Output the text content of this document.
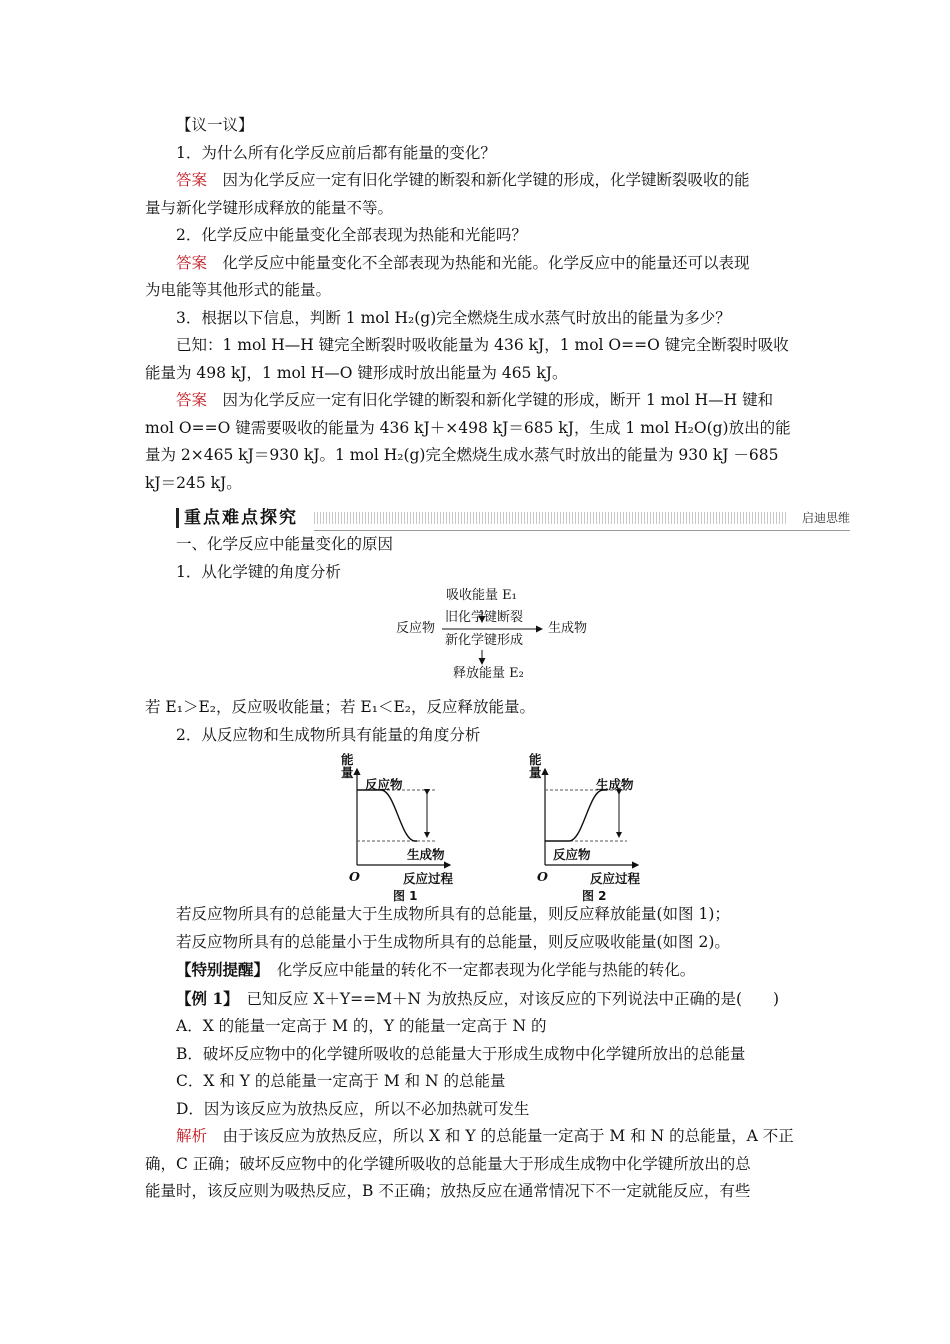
【议一议】
1．为什么所有化学反应前后都有能量的变化？
答案　因为化学反应一定有旧化学键的断裂和新化学键的形成，化学键断裂吸收的能
量与新化学键形成释放的能量不等。
2．化学反应中能量变化全部表现为热能和光能吗？
答案　化学反应中能量变化不全部表现为热能和光能。化学反应中的能量还可以表现
为电能等其他形式的能量。
3．根据以下信息，判断 1 mol H₂(g)完全燃烧生成水蒸气时放出的能量为多少？
已知：1 mol H—H 键完全断裂时吸收能量为 436 kJ，1 mol O==O 键完全断裂时吸收
能量为 498 kJ，1 mol H—O 键形成时放出能量为 465 kJ。
答案　因为化学反应一定有旧化学键的断裂和新化学键的形成，断开 1 mol H—H 键和
mol O==O 键需要吸收的能量为 436 kJ＋×498 kJ＝685 kJ，生成 1 mol H₂O(g)放出的能
量为 2×465 kJ＝930 kJ。1 mol H₂(g)完全燃烧生成水蒸气时放出的能量为 930 kJ －685
kJ＝245 kJ。
重点难点探究	启迪思维
一、化学反应中能量变化的原因
1．从化学键的角度分析
吸收能量 E₁
旧化学键断裂
反应物	生成物
新化学键形成
释放能量 E₂
若 E₁＞E₂，反应吸收能量；若 E₁＜E₂，反应释放能量。
2．从反应物和生成物所具有能量的角度分析
能量
反应物
生成物
O	反应过程
图 1
能量
生成物
反应物
O	反应过程
图 2
若反应物所具有的总能量大于生成物所具有的总能量，则反应释放能量(如图 1)；
若反应物所具有的总能量小于生成物所具有的总能量，则反应吸收能量(如图 2)。
【特别提醒】　化学反应中能量的转化不一定都表现为化学能与热能的转化。
【例 1】　已知反应 X＋Y==M＋N 为放热反应，对该反应的下列说法中正确的是(　　)
A．X 的能量一定高于 M 的，Y 的能量一定高于 N 的
B．破坏反应物中的化学键所吸收的总能量大于形成生成物中化学键所放出的总能量
C．X 和 Y 的总能量一定高于 M 和 N 的总能量
D．因为该反应为放热反应，所以不必加热就可发生
解析　由于该反应为放热反应，所以 X 和 Y 的总能量一定高于 M 和 N 的总能量，A 不正
确，C 正确；破坏反应物中的化学键所吸收的总能量大于形成生成物中化学键所放出的总
能量时，该反应则为吸热反应，B 不正确；放热反应在通常情况下不一定就能反应，有些
